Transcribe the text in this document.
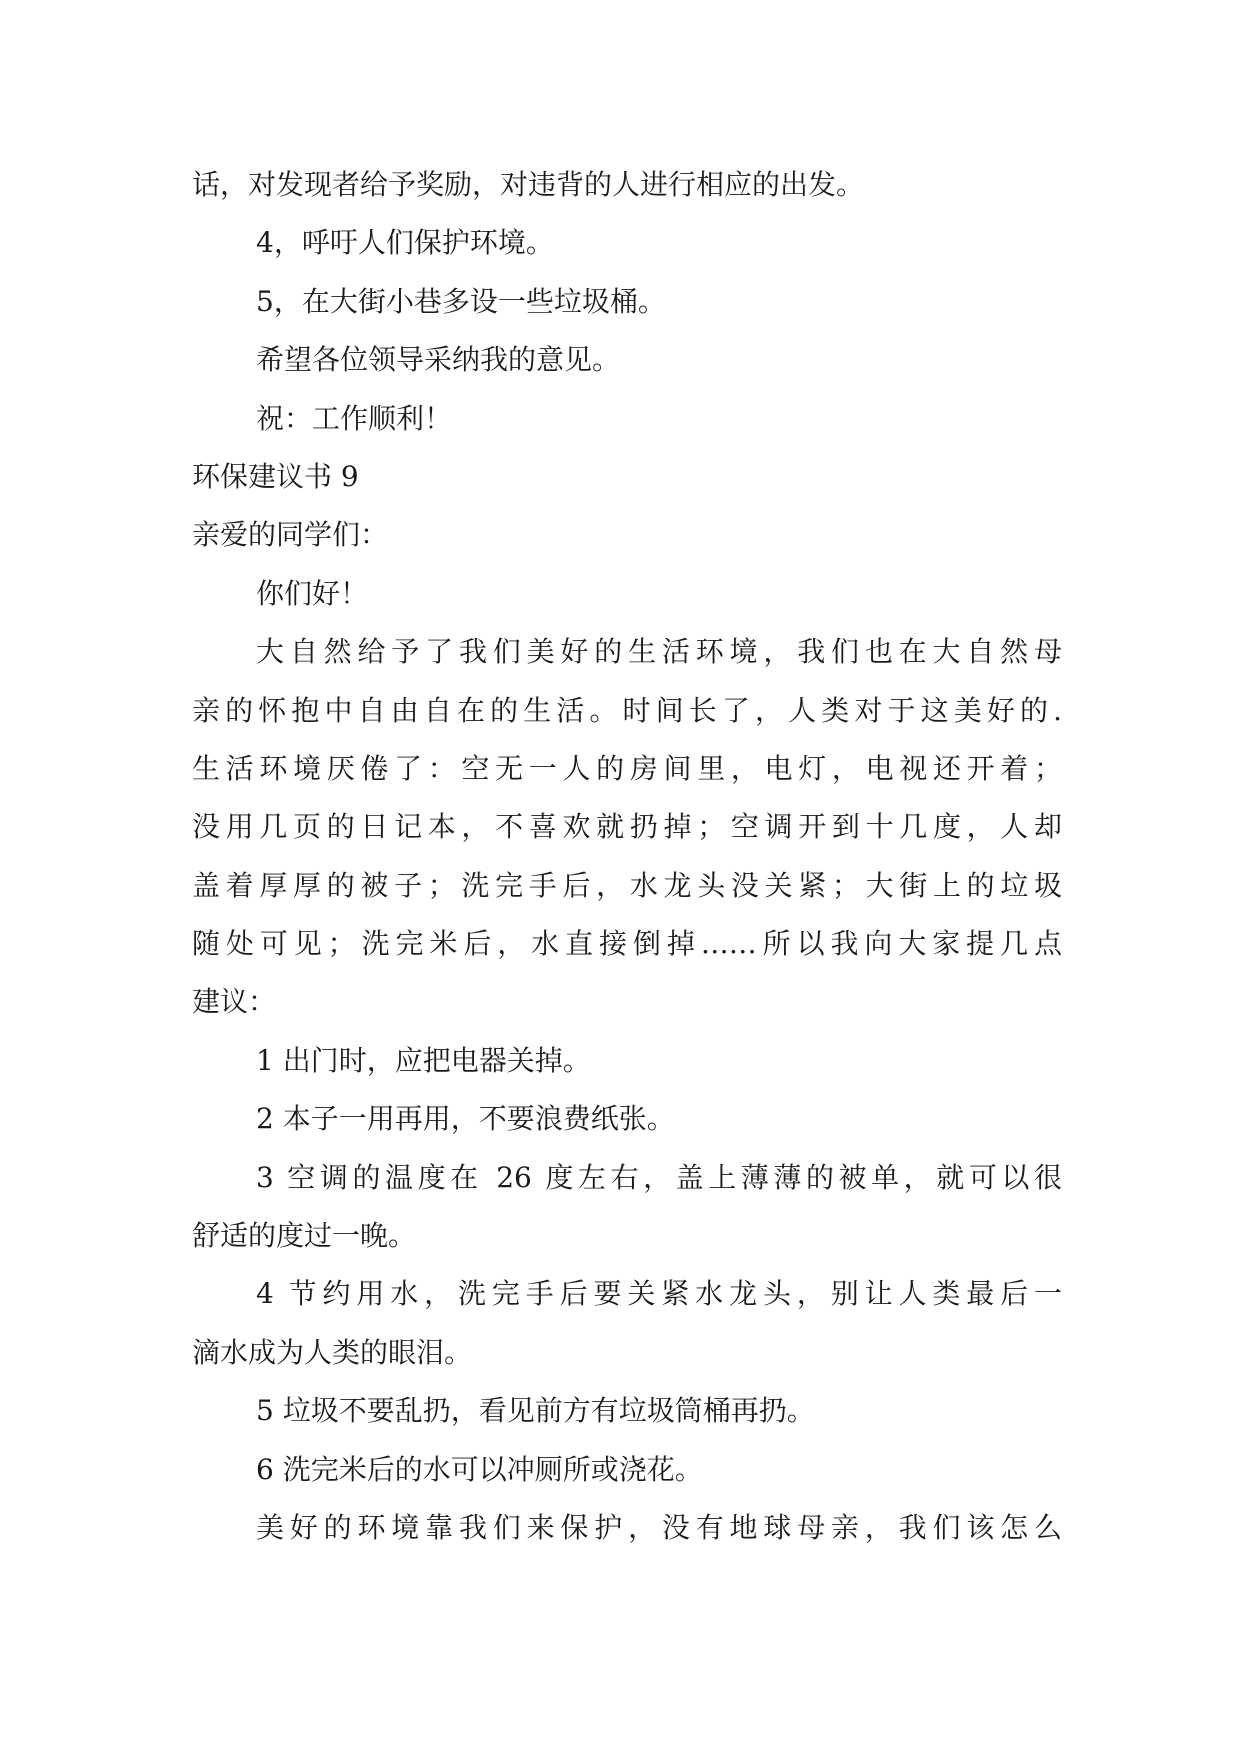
话，对发现者给予奖励，对违背的人进行相应的出发。
4，呼吁人们保护环境。
5，在大街小巷多设一些垃圾桶。
希望各位领导采纳我的意见。
祝：工作顺利！
环保建议书 9
亲爱的同学们：
你们好！
大自然给予了我们美好的生活环境，我们也在大自然母
亲的怀抱中自由自在的生活。时间长了，人类对于这美好的.
生活环境厌倦了：空无一人的房间里，电灯，电视还开着；
没用几页的日记本，不喜欢就扔掉；空调开到十几度，人却
盖着厚厚的被子；洗完手后，水龙头没关紧；大街上的垃圾
随处可见；洗完米后，水直接倒掉……所以我向大家提几点
建议：
1 出门时，应把电器关掉。
2 本子一用再用，不要浪费纸张。
3 空调的温度在 26 度左右，盖上薄薄的被单，就可以很
舒适的度过一晚。
4 节约用水，洗完手后要关紧水龙头，别让人类最后一
滴水成为人类的眼泪。
5 垃圾不要乱扔，看见前方有垃圾筒桶再扔。
6 洗完米后的水可以冲厕所或浇花。
美好的环境靠我们来保护，没有地球母亲，我们该怎么
